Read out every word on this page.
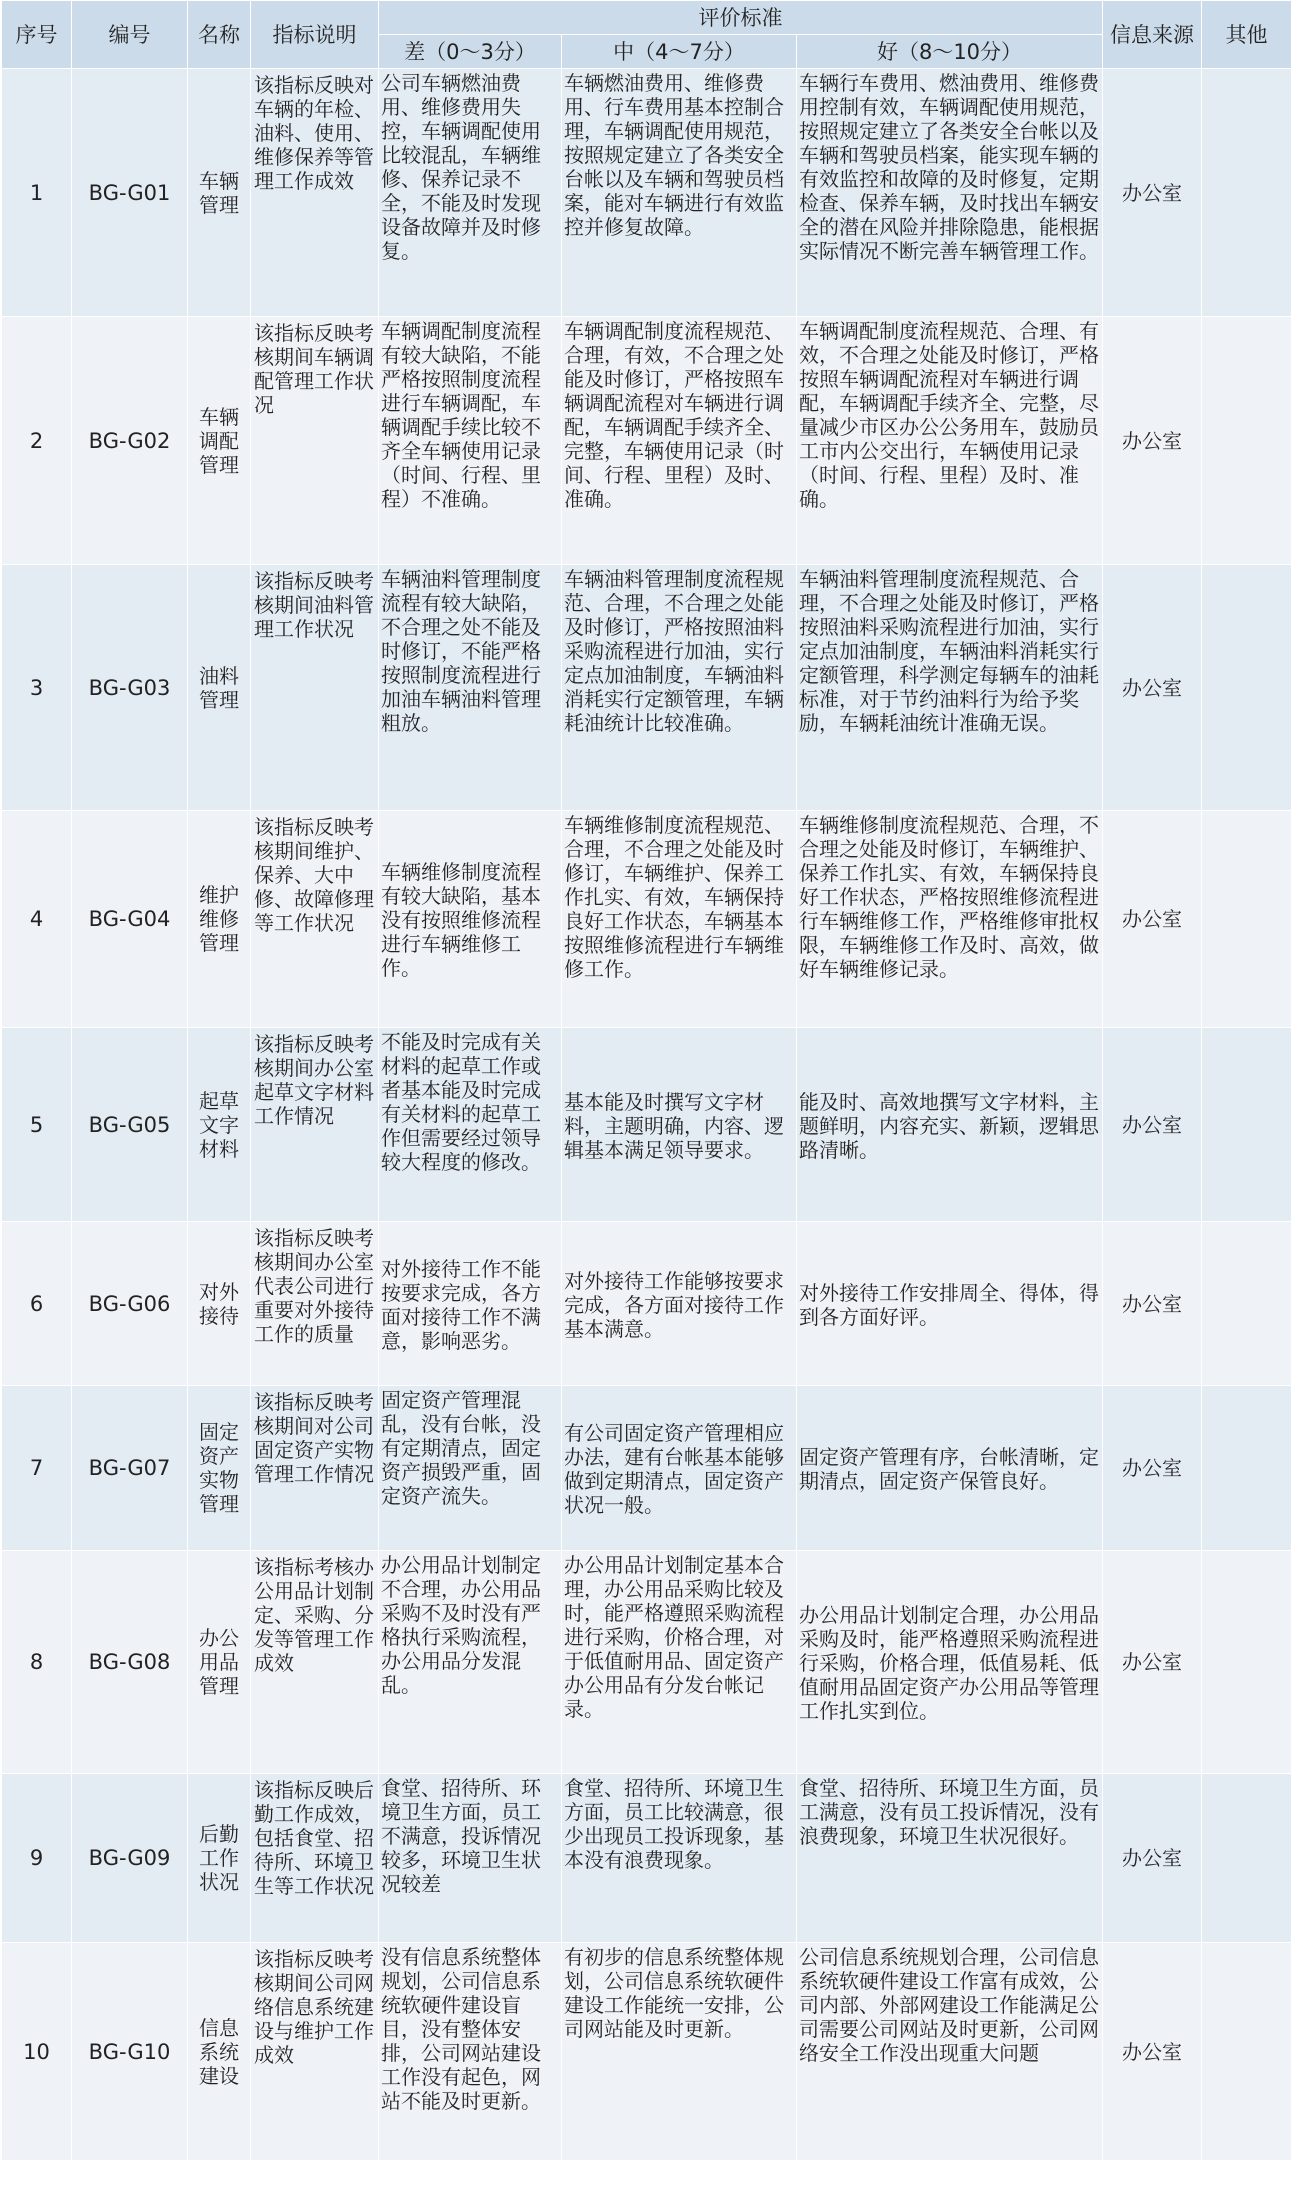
序号	编号	名称	指标说明	评价标准			信息来源	其他
				差（0～3分）	中（4～7分）	好（8～10分）		
1	BG-G01	车辆管理	该指标反映对车辆的年检、油料、使用、维修保养等管理工作成效	公司车辆燃油费用、维修费用失控，车辆调配使用比较混乱，车辆维修、保养记录不全，不能及时发现设备故障并及时修复。	车辆燃油费用、维修费用、行车费用基本控制合理，车辆调配使用规范，按照规定建立了各类安全台帐以及车辆和驾驶员档案，能对车辆进行有效监控并修复故障。	车辆行车费用、燃油费用、维修费用控制有效，车辆调配使用规范，按照规定建立了各类安全台帐以及车辆和驾驶员档案，能实现车辆的有效监控和故障的及时修复，定期检查、保养车辆，及时找出车辆安全的潜在风险并排除隐患，能根据实际情况不断完善车辆管理工作。	办公室	
2	BG-G02	车辆调配管理	该指标反映考核期间车辆调配管理工作状况	车辆调配制度流程有较大缺陷，不能严格按照制度流程进行车辆调配，车辆调配手续比较不齐全车辆使用记录（时间、行程、里程）不准确。	车辆调配制度流程规范、合理，有效，不合理之处能及时修订，严格按照车辆调配流程对车辆进行调配，车辆调配手续齐全、完整，车辆使用记录（时间、行程、里程）及时、准确。	车辆调配制度流程规范、合理、有效，不合理之处能及时修订，严格按照车辆调配流程对车辆进行调配，车辆调配手续齐全、完整，尽量减少市区办公公务用车，鼓励员工市内公交出行，车辆使用记录（时间、行程、里程）及时、准确。	办公室	
3	BG-G03	油料管理	该指标反映考核期间油料管理工作状况	车辆油料管理制度流程有较大缺陷，不合理之处不能及时修订，不能严格按照制度流程进行加油车辆油料管理粗放。	车辆油料管理制度流程规范、合理，不合理之处能及时修订，严格按照油料采购流程进行加油，实行定点加油制度，车辆油料消耗实行定额管理，车辆耗油统计比较准确。	车辆油料管理制度流程规范、合理，不合理之处能及时修订，严格按照油料采购流程进行加油，实行定点加油制度，车辆油料消耗实行定额管理，科学测定每辆车的油耗标准，对于节约油料行为给予奖励，车辆耗油统计准确无误。	办公室	
4	BG-G04	维护维修管理	该指标反映考核期间维护、保养、大中修、故障修理等工作状况	车辆维修制度流程有较大缺陷，基本没有按照维修流程进行车辆维修工作。	车辆维修制度流程规范、合理，不合理之处能及时修订，车辆维护、保养工作扎实、有效，车辆保持良好工作状态，车辆基本按照维修流程进行车辆维修工作。	车辆维修制度流程规范、合理，不合理之处能及时修订，车辆维护、保养工作扎实、有效，车辆保持良好工作状态，严格按照维修流程进行车辆维修工作，严格维修审批权限，车辆维修工作及时、高效，做好车辆维修记录。	办公室	
5	BG-G05	起草文字材料	该指标反映考核期间办公室起草文字材料工作情况	不能及时完成有关材料的起草工作或者基本能及时完成有关材料的起草工作但需要经过领导较大程度的修改。	基本能及时撰写文字材料，主题明确，内容、逻辑基本满足领导要求。	能及时、高效地撰写文字材料，主题鲜明，内容充实、新颖，逻辑思路清晰。	办公室	
6	BG-G06	对外接待	该指标反映考核期间办公室代表公司进行重要对外接待工作的质量	对外接待工作不能按要求完成，各方面对接待工作不满意，影响恶劣。	对外接待工作能够按要求完成，各方面对接待工作基本满意。	对外接待工作安排周全、得体，得到各方面好评。	办公室	
7	BG-G07	固定资产实物管理	该指标反映考核期间对公司固定资产实物管理工作情况	固定资产管理混乱，没有台帐，没有定期清点，固定资产损毁严重，固定资产流失。	有公司固定资产管理相应办法，建有台帐基本能够做到定期清点，固定资产状况一般。	固定资产管理有序，台帐清晰，定期清点，固定资产保管良好。	办公室	
8	BG-G08	办公用品管理	该指标考核办公用品计划制定、采购、分发等管理工作成效	办公用品计划制定不合理，办公用品采购不及时没有严格执行采购流程，办公用品分发混乱。	办公用品计划制定基本合理，办公用品采购比较及时，能严格遵照采购流程进行采购，价格合理，对于低值耐用品、固定资产办公用品有分发台帐记录。	办公用品计划制定合理，办公用品采购及时，能严格遵照采购流程进行采购，价格合理，低值易耗、低值耐用品固定资产办公用品等管理工作扎实到位。	办公室	
9	BG-G09	后勤工作状况	该指标反映后勤工作成效，包括食堂、招待所、环境卫生等工作状况	食堂、招待所、环境卫生方面，员工不满意，投诉情况较多，环境卫生状况较差	食堂、招待所、环境卫生方面，员工比较满意，很少出现员工投诉现象，基本没有浪费现象。	食堂、招待所、环境卫生方面，员工满意，没有员工投诉情况，没有浪费现象，环境卫生状况很好。	办公室	
10	BG-G10	信息系统建设	该指标反映考核期间公司网络信息系统建设与维护工作成效	没有信息系统整体规划，公司信息系统软硬件建设盲目，没有整体安排，公司网站建设工作没有起色，网站不能及时更新。	有初步的信息系统整体规划，公司信息系统软硬件建设工作能统一安排，公司网站能及时更新。	公司信息系统规划合理，公司信息系统软硬件建设工作富有成效，公司内部、外部网建设工作能满足公司需要公司网站及时更新，公司网络安全工作没出现重大问题	办公室	
